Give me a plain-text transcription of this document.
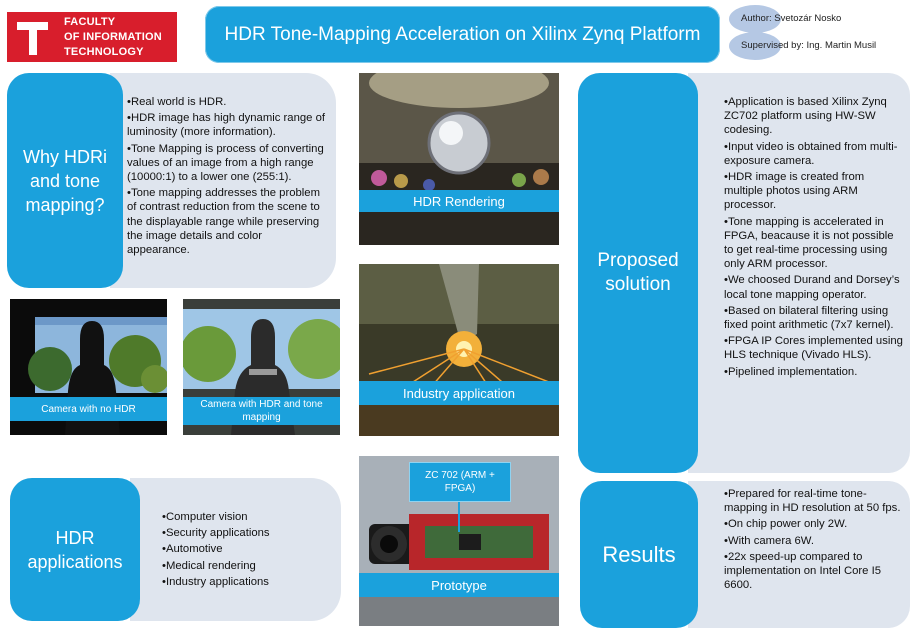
FACULTY
OF INFORMATION
TECHNOLOGY
HDR Tone-Mapping Acceleration on Xilinx Zynq Platform
Author: Svetozár Nosko
Supervised by: Ing. Martin Musil
• Real world is HDR.
• HDR image has high dynamic range of luminosity (more information).
• Tone Mapping is process of converting values of an image from a high range (10000:1) to a lower one (255:1).
• Tone mapping addresses the problem of contrast reduction from the scene to the displayable range while preserving the image details and color appearance.
Why HDRi and tone mapping?
Camera with no HDR	Camera with HDR and tone mapping
• Computer vision
• Security applications
• Automotive
• Medical rendering
• Industry applications
HDR applications
HDR Rendering
Industry application
ZC 702 (ARM + FPGA)
Prototype
• Application is based Xilinx Zynq ZC702 platform using HW-SW codesing.
• Input video is obtained from multi-exposure camera.
• HDR image is created from multiple photos using ARM processor.
• Tone mapping is accelerated in FPGA, beacause it is not possible to get real-time processing using only ARM processor.
• We choosed Durand and Dorsey’s local tone mapping operator.
• Based on bilateral filtering using fixed point arithmetic (7x7 kernel).
• FPGA IP Cores implemented using HLS technique (Vivado HLS).
• Pipelined implementation.
Proposed solution
• Prepared for real-time tone-mapping in HD resolution at 50 fps.
• On chip power only 2W.
• With camera 6W.
• 22x speed-up compared to implementation on Intel Core I5 6600.
Results
